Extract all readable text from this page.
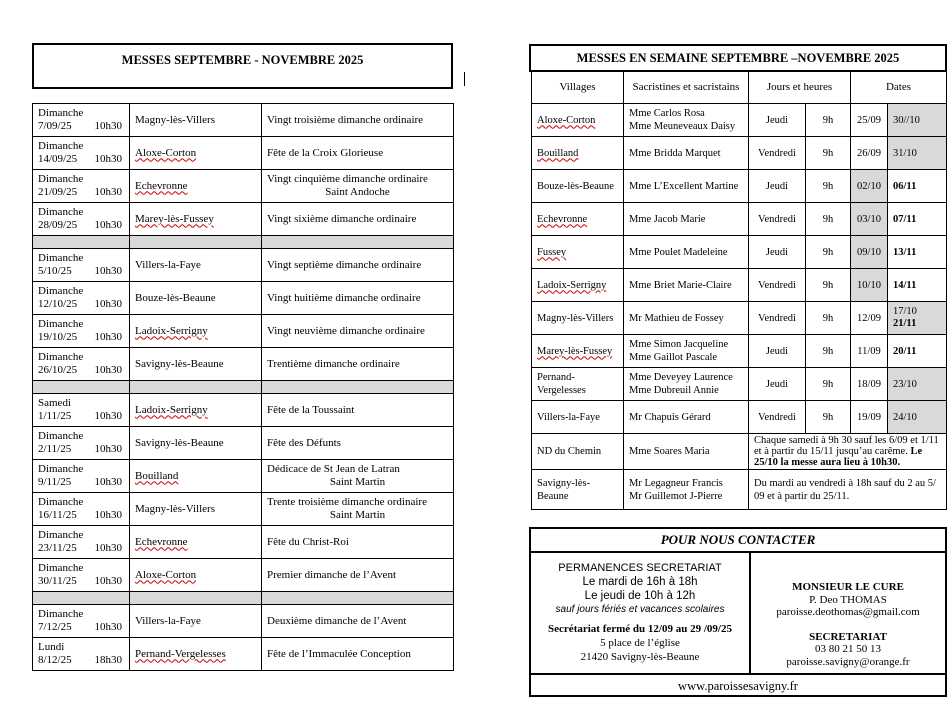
MESSES SEPTEMBRE - NOVEMBRE 2025
Dimanche
7/09/25 10h30	Magny-lès-Villers	Vingt troisième dimanche ordinaire

Dimanche
14/09/25 10h30	Aloxe-Corton	Fête de la Croix Glorieuse

Dimanche
21/09/25 10h30	Echevronne	Vingt cinquième dimanche ordinaire
Saint Andoche

Dimanche
28/09/25 10h30	Marey-lès-Fussey	Vingt sixième dimanche ordinaire

Dimanche
5/10/25 10h30	Villers-la-Faye	Vingt septième dimanche ordinaire

Dimanche
12/10/25 10h30	Bouze-lès-Beaune	Vingt huitième dimanche ordinaire

Dimanche
19/10/25 10h30	Ladoix-Serrigny	Vingt neuvième dimanche ordinaire

Dimanche
26/10/25 10h30	Savigny-lès-Beaune	Trentième dimanche ordinaire

Samedi
1/11/25 10h30	Ladoix-Serrigny	Fête de la Toussaint

Dimanche
2/11/25 10h30	Savigny-lès-Beaune	Fête des Défunts

Dimanche
9/11/25 10h30	Bouilland	Dédicace de St Jean de Latran
Saint Martin

Dimanche
16/11/25 10h30	Magny-lès-Villers	Trente troisième dimanche ordinaire
Saint Martin

Dimanche
23/11/25 10h30	Echevronne	Fête du Christ-Roi

Dimanche
30/11/25 10h30	Aloxe-Corton	Premier dimanche de l’Avent

Dimanche
7/12/25 10h30	Villers-la-Faye	Deuxième dimanche de l’Avent

Lundi
8/12/25 18h30	Pernand-Vergelesses	Fête de l’Immaculée Conception
MESSES EN SEMAINE SEPTEMBRE –NOVEMBRE 2025
Villages	Sacristines et sacristains	Jours et heures		Dates	
Aloxe-Corton	Mme Carlos Rosa
Mme Meuneveaux Daisy	Jeudi	9h	25/09	30//10
Bouilland	Mme Bridda Marquet	Vendredi	9h	26/09	31/10
Bouze-lès-Beaune	Mme L’Excellent Martine	Jeudi	9h	02/10	06/11
Echevronne	Mme Jacob Marie	Vendredi	9h	03/10	07/11
Fussey	Mme Poulet Madeleine	Jeudi	9h	09/10	13/11
Ladoix-Serrigny	Mme Briet Marie-Claire	Vendredi	9h	10/10	14/11
Magny-lès-Villers	Mr Mathieu de Fossey	Vendredi	9h	12/09	17/10
21/11

Marey-lès-Fussey	Mme Simon Jacqueline
Mme Gaillot Pascale	Jeudi	9h	11/09	20/11
Pernand-Vergelesses	Mme Deveyey Laurence
Mme Dubreuil Annie	Jeudi	9h	18/09	23/10
Villers-la-Faye	Mr Chapuis Gérard	Vendredi	9h	19/09	24/10
ND du Chemin	Mme Soares Maria	Chaque samedi à 9h 30 sauf les 6/09 et 1/11 et à partir du 15/11 jusqu’au carême. Le 25/10 la messe aura lieu à 10h30.			
Savigny-lès-Beaune	Mr Legagneur Francis
Mr Guillemot J-Pierre	Du mardi au vendredi à 18h sauf du 2 au 5/ 09 et à partir du 25/11.			
POUR NOUS CONTACTER
PERMANENCES SECRETARIAT
Le mardi de 16h à 18h
Le jeudi de 10h à 12h
sauf jours fériés et vacances scolaires
Secrétariat fermé du 12/09 au 29 /09/25
5 place de l’église
21420 Savigny-lès-Beaune
MONSIEUR LE CURE
P. Deo THOMAS
paroisse.deothomas@gmail.com
SECRETARIAT
03 80 21 50 13
paroisse.savigny@orange.fr
www.paroissesavigny.fr
